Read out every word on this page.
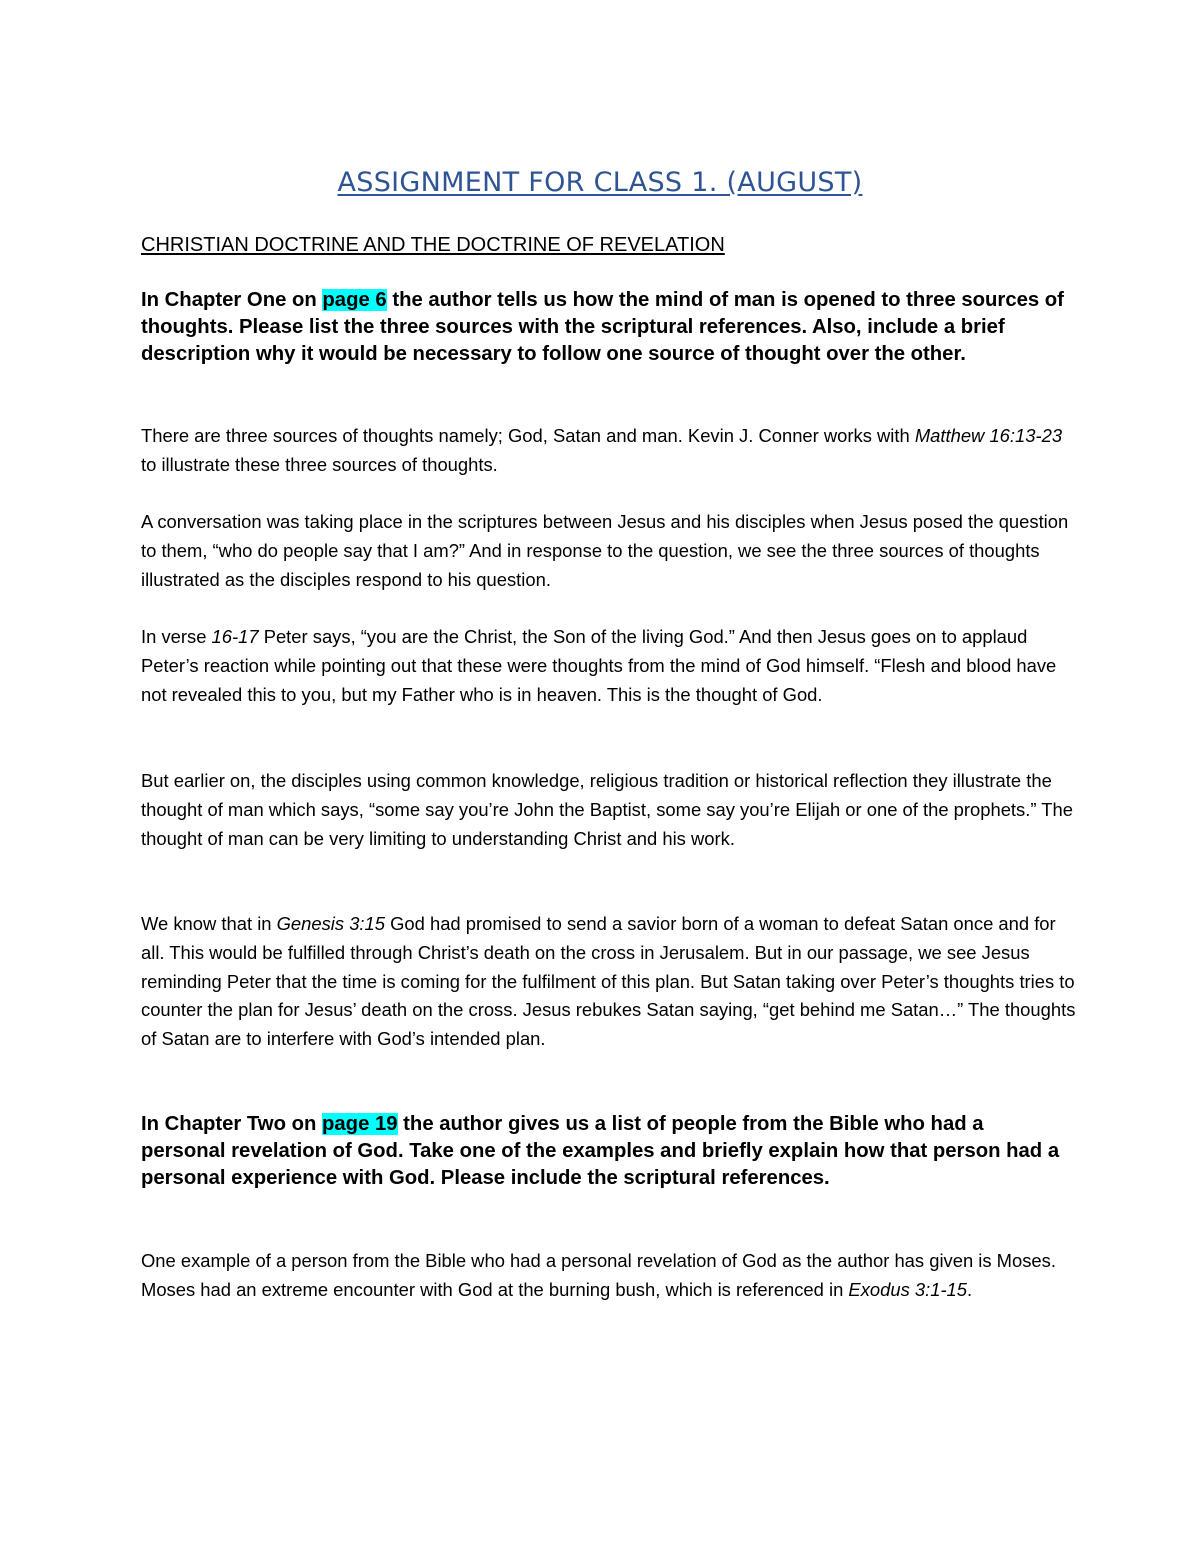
ASSIGNMENT FOR CLASS 1. (AUGUST)
CHRISTIAN DOCTRINE AND THE DOCTRINE OF REVELATION

In Chapter One on page 6 the author tells us how the mind of man is opened to three sources of thoughts. Please list the three sources with the scriptural references. Also, include a brief description why it would be necessary to follow one source of thought over the other.

There are three sources of thoughts namely; God, Satan and man. Kevin J. Conner works with Matthew 16:13-23 to illustrate these three sources of thoughts.

A conversation was taking place in the scriptures between Jesus and his disciples when Jesus posed the question to them, “who do people say that I am?” And in response to the question, we see the three sources of thoughts illustrated as the disciples respond to his question.

In verse 16-17 Peter says, “you are the Christ, the Son of the living God.” And then Jesus goes on to applaud Peter’s reaction while pointing out that these were thoughts from the mind of God himself. “Flesh and blood have not revealed this to you, but my Father who is in heaven. This is the thought of God.

But earlier on, the disciples using common knowledge, religious tradition or historical reflection they illustrate the thought of man which says, “some say you’re John the Baptist, some say you’re Elijah or one of the prophets.” The thought of man can be very limiting to understanding Christ and his work.

We know that in Genesis 3:15 God had promised to send a savior born of a woman to defeat Satan once and for all. This would be fulfilled through Christ’s death on the cross in Jerusalem. But in our passage, we see Jesus reminding Peter that the time is coming for the fulfilment of this plan. But Satan taking over Peter’s thoughts tries to counter the plan for Jesus’ death on the cross. Jesus rebukes Satan saying, “get behind me Satan…” The thoughts of Satan are to interfere with God’s intended plan.

In Chapter Two on page 19 the author gives us a list of people from the Bible who had a personal revelation of God. Take one of the examples and briefly explain how that person had a personal experience with God. Please include the scriptural references.

One example of a person from the Bible who had a personal revelation of God as the author has given is Moses. Moses had an extreme encounter with God at the burning bush, which is referenced in Exodus 3:1-15.
